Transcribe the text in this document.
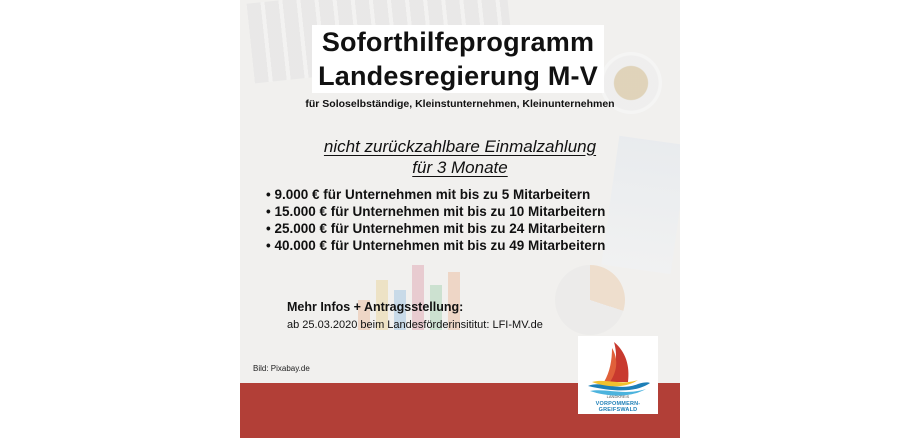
Soforthilfeprogramm
Landesregierung M-V
für Soloselbständige, Kleinstunternehmen, Kleinunternehmen
nicht zurückzahlbare Einmalzahlung
für 3 Monate
• 9.000 € für Unternehmen mit bis zu 5 Mitarbeitern
• 15.000 € für Unternehmen mit bis zu 10 Mitarbeitern
• 25.000 € für Unternehmen mit bis zu 24 Mitarbeitern
• 40.000 € für Unternehmen mit bis zu 49 Mitarbeitern
Mehr Infos + Antragsstellung:
ab 25.03.2020 beim Landesförderinsititut: LFI-MV.de
Bild: Pixabay.de
LANDKREIS
VORPOMMERN-GREIFSWALD
